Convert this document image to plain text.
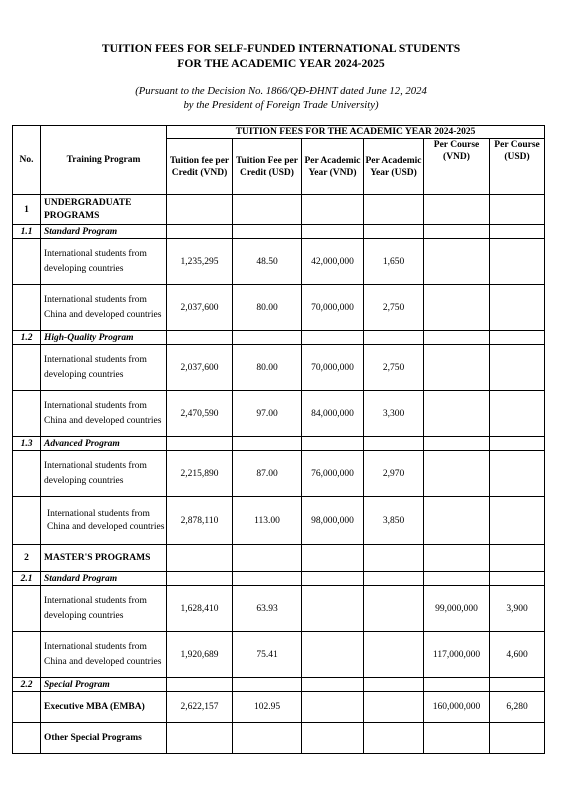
TUITION FEES FOR SELF-FUNDED INTERNATIONAL STUDENTS
FOR THE ACADEMIC YEAR 2024-2025
(Pursuant to the Decision No. 1866/QĐ-ĐHNT dated June 12, 2024
by the President of Foreign Trade University)
No.	Training Program	TUITION FEES FOR THE ACADEMIC YEAR 2024-2025					
		Tuition fee per Credit (VND)	Tuition Fee per Credit (USD)	Per Academic Year (VND)	Per Academic Year (USD)	Per Course (VND)	Per Course (USD)
1	UNDERGRADUATE PROGRAMS						
1.1	Standard Program						
	International students from developing countries	1,235,295	48.50	42,000,000	1,650		
	International students from China and developed countries	2,037,600	80.00	70,000,000	2,750		
1.2	High-Quality Program						
	International students from developing countries	2,037,600	80.00	70,000,000	2,750		
	International students from China and developed countries	2,470,590	97.00	84,000,000	3,300		
1.3	Advanced Program						
	International students from developing countries	2,215,890	87.00	76,000,000	2,970		
	International students from China and developed countries	2,878,110	113.00	98,000,000	3,850		
2	MASTER'S PROGRAMS						
2.1	Standard Program						
	International students from developing countries	1,628,410	63.93			99,000,000	3,900
	International students from China and developed countries	1,920,689	75.41			117,000,000	4,600
2.2	Special Program						
	Executive MBA (EMBA)	2,622,157	102.95			160,000,000	6,280
	Other Special Programs						
